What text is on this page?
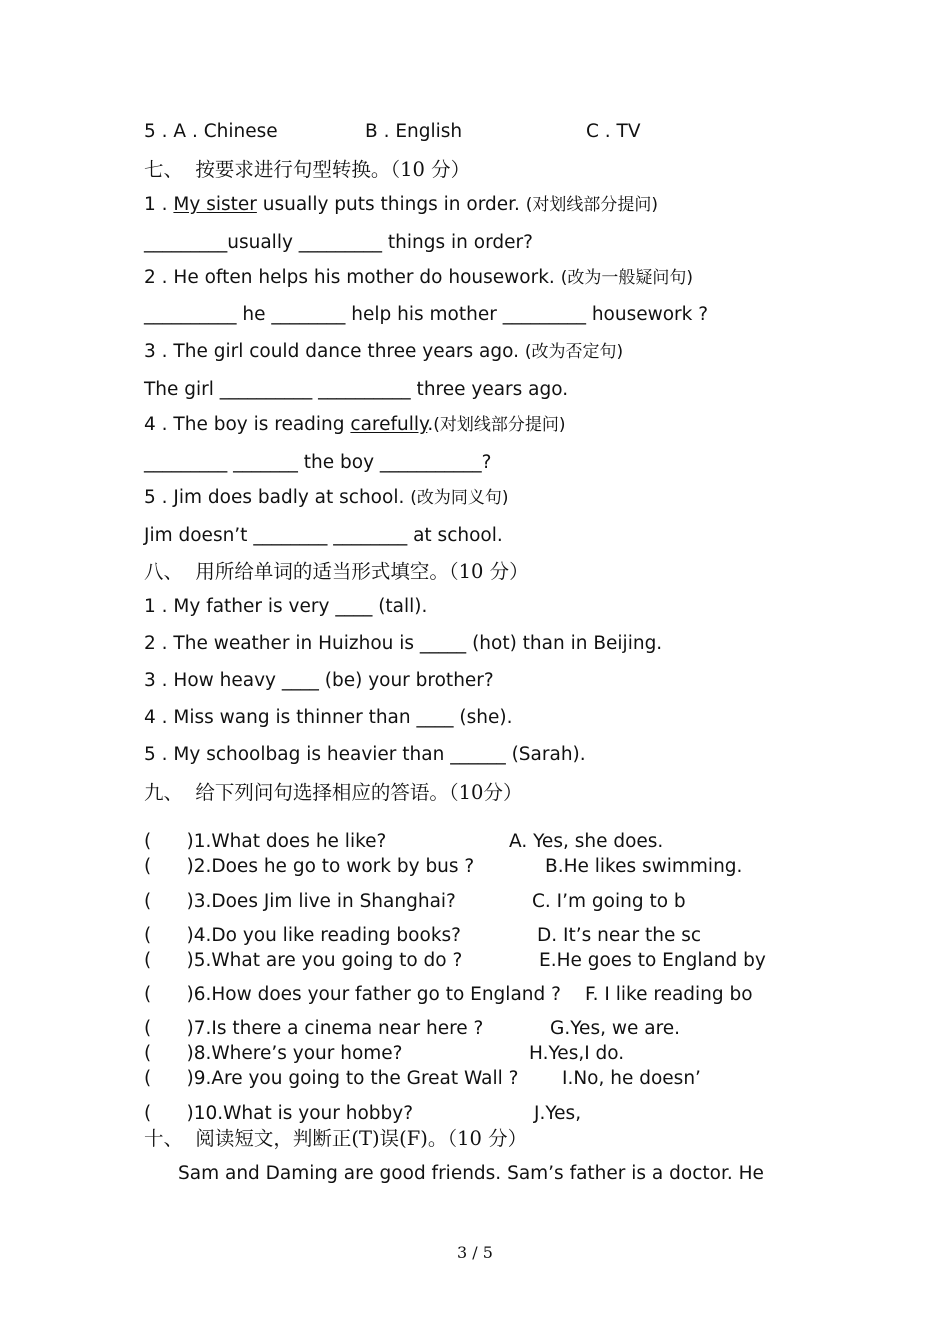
5 . A . Chinese	B . English	C . TV
七、  按要求进行句型转换。（10 分）
1 . My sister usually puts things in order. (对划线部分提问)
_________usually _________ things in order?
2 . He often helps his mother do housework. (改为一般疑问句)
__________ he ________ help his mother _________ housework ?
3 . The girl could dance three years ago. (改为否定句)
The girl __________ __________ three years ago.
4 . The boy is reading carefully.(对划线部分提问)
_________ _______ the boy ___________?
5 . Jim does badly at school. (改为同义句)
Jim doesn’t ________ ________ at school.
八、  用所给单词的适当形式填空。（10 分）
1 . My father is very ____ (tall).
2 . The weather in Huizhou is _____ (hot) than in Beijing.
3 . How heavy ____ (be) your brother?
4 . Miss wang is thinner than ____ (she).
5 . My schoolbag is heavier than ______ (Sarah).
九、  给下列问句选择相应的答语。（10分）
(      )1.What does he like?	A. Yes, she does.
(      )2.Does he go to work by bus ?	B.He likes swimming.
(      )3.Does Jim live in Shanghai?	C. I’m going to b
(      )4.Do you like reading books?	D. It’s near the sc
(      )5.What are you going to do ?	E.He goes to England by
(      )6.How does your father go to England ? F. I like reading bo
(      )7.Is there a cinema near here ?	G.Yes, we are.
(      )8.Where’s your home?	H.Yes,I do.
(      )9.Are you going to the Great Wall ? I.No, he doesn’
(      )10.What is your hobby?	J.Yes,
十、  阅读短文，判断正(T)误(F)。（10 分）
Sam and Daming are good friends. Sam’s father is a doctor. He
3 / 5
